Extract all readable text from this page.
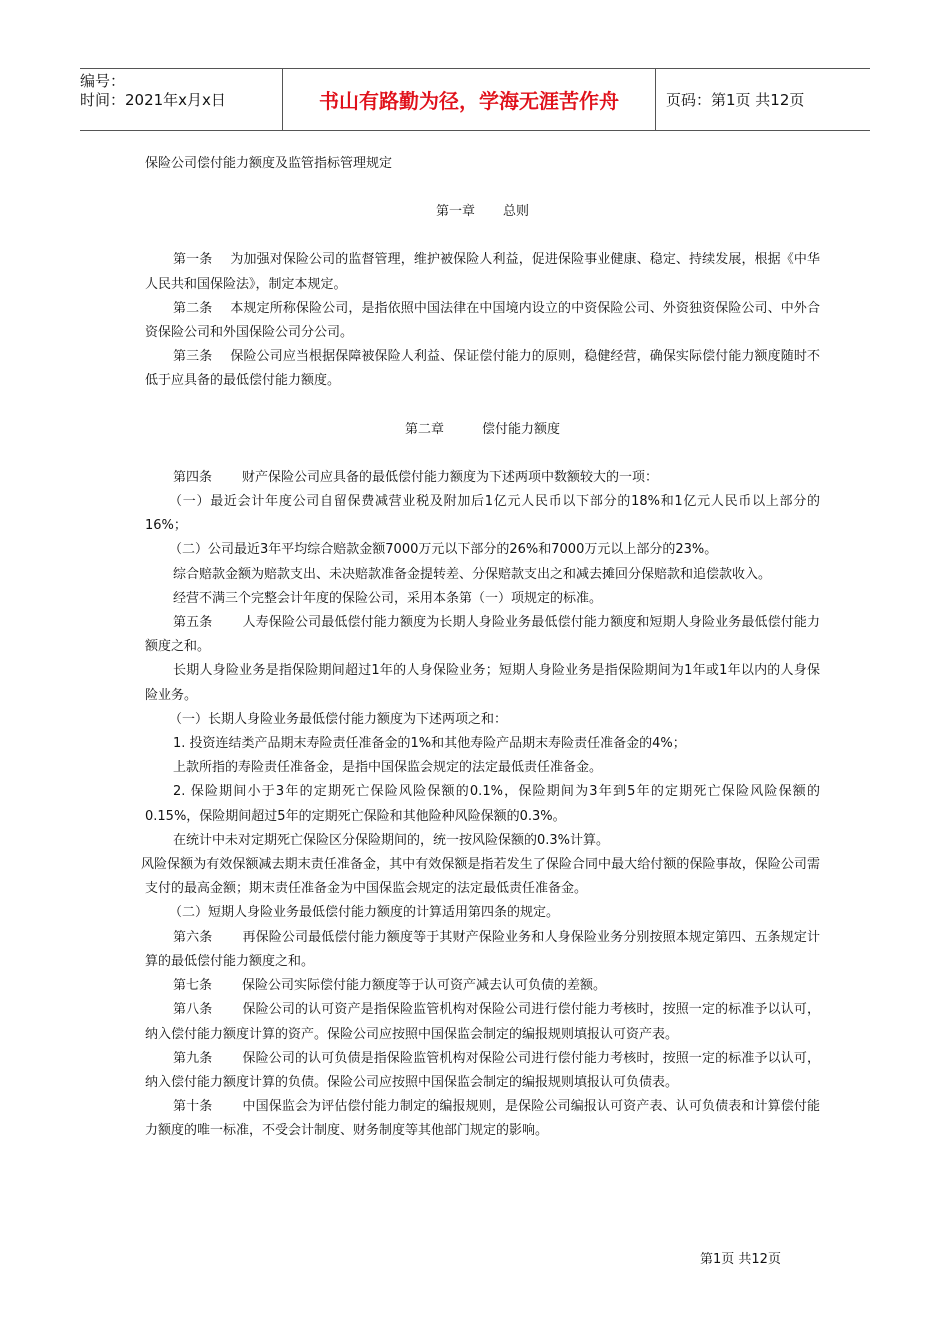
编号：
时间：2021年x月x日	书山有路勤为径，学海无涯苦作舟	页码：第1页 共12页

保险公司偿付能力额度及监管指标管理规定

第一章 总则

第一条 为加强对保险公司的监督管理，维护被保险人利益，促进保险事业健康、稳定、持续发展，根据《中华人民共和国保险法》，制定本规定。

第二条 本规定所称保险公司，是指依照中国法律在中国境内设立的中资保险公司、外资独资保险公司、中外合资保险公司和外国保险公司分公司。

第三条 保险公司应当根据保障被保险人利益、保证偿付能力的原则，稳健经营，确保实际偿付能力额度随时不低于应具备的最低偿付能力额度。

第二章	偿付能力额度

第四条 财产保险公司应具备的最低偿付能力额度为下述两项中数额较大的一项：

（一）最近会计年度公司自留保费减营业税及附加后1亿元人民币以下部分的18%和1亿元人民币以上部分的16%；

（二）公司最近3年平均综合赔款金额7000万元以下部分的26%和7000万元以上部分的23%。

综合赔款金额为赔款支出、未决赔款准备金提转差、分保赔款支出之和减去摊回分保赔款和追偿款收入。

经营不满三个完整会计年度的保险公司，采用本条第（一）项规定的标准。

第五条 人寿保险公司最低偿付能力额度为长期人身险业务最低偿付能力额度和短期人身险业务最低偿付能力额度之和。

长期人身险业务是指保险期间超过1年的人身保险业务；短期人身险业务是指保险期间为1年或1年以内的人身保险业务。

（一）长期人身险业务最低偿付能力额度为下述两项之和：

1. 投资连结类产品期末寿险责任准备金的1%和其他寿险产品期末寿险责任准备金的4%；

上款所指的寿险责任准备金，是指中国保监会规定的法定最低责任准备金。

2. 保险期间小于3年的定期死亡保险风险保额的0.1%，保险期间为3年到5年的定期死亡保险风险保额的0.15%，保险期间超过5年的定期死亡保险和其他险种风险保额的0.3%。

在统计中未对定期死亡保险区分保险期间的，统一按风险保额的0.3%计算。

风险保额为有效保额减去期末责任准备金，其中有效保额是指若发生了保险合同中最大给付额的保险事故，保险公司需支付的最高金额；期末责任准备金为中国保监会规定的法定最低责任准备金。

（二）短期人身险业务最低偿付能力额度的计算适用第四条的规定。

第六条 再保险公司最低偿付能力额度等于其财产保险业务和人身保险业务分别按照本规定第四、五条规定计算的最低偿付能力额度之和。

第七条 保险公司实际偿付能力额度等于认可资产减去认可负债的差额。

第八条 保险公司的认可资产是指保险监管机构对保险公司进行偿付能力考核时，按照一定的标准予以认可，纳入偿付能力额度计算的资产。保险公司应按照中国保监会制定的编报规则填报认可资产表。

第九条 保险公司的认可负债是指保险监管机构对保险公司进行偿付能力考核时，按照一定的标准予以认可，纳入偿付能力额度计算的负债。保险公司应按照中国保监会制定的编报规则填报认可负债表。

第十条 中国保监会为评估偿付能力制定的编报规则，是保险公司编报认可资产表、认可负债表和计算偿付能力额度的唯一标准，不受会计制度、财务制度等其他部门规定的影响。

第1页 共12页
